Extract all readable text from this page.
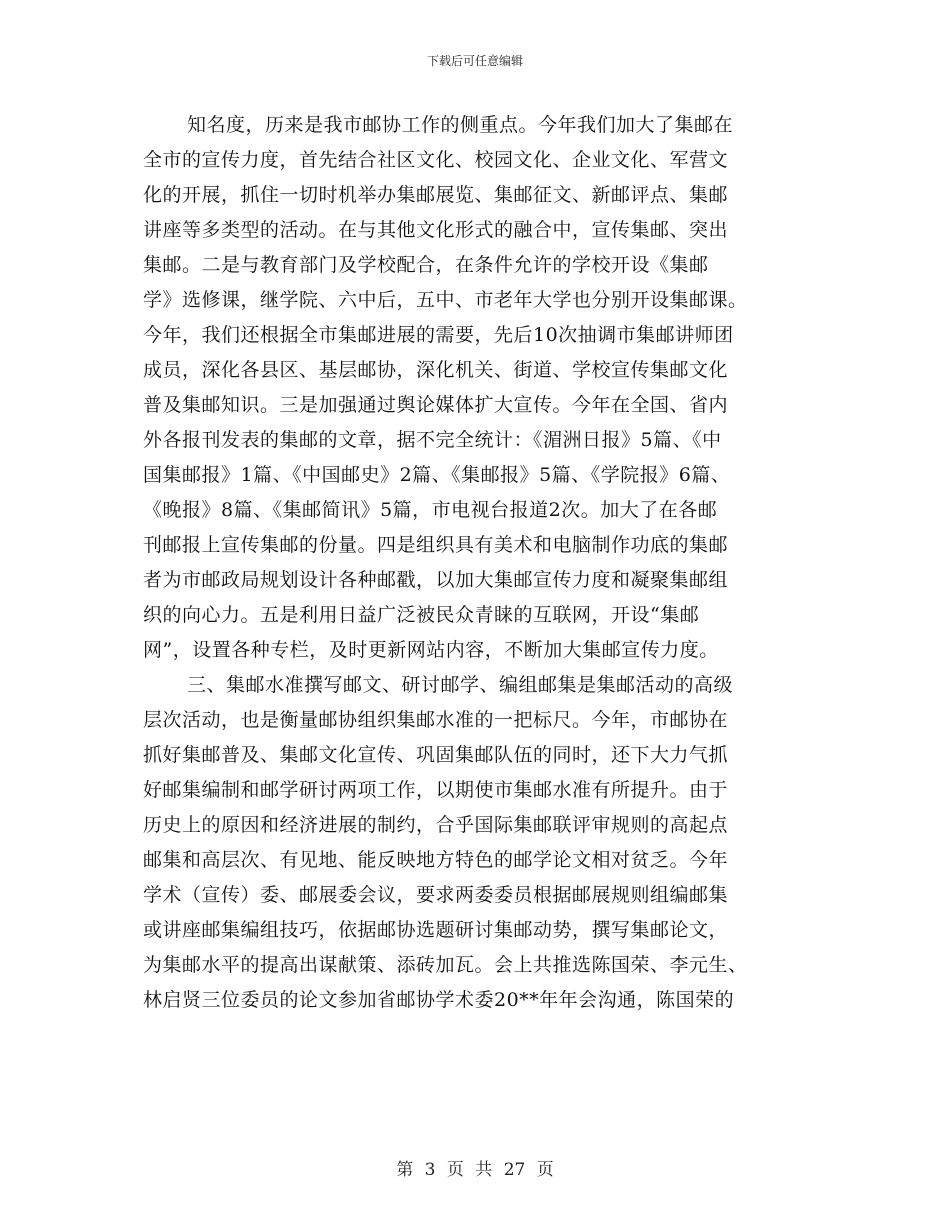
下载后可任意编辑
知名度，历来是我市邮协工作的侧重点。今年我们加大了集邮在
全市的宣传力度，首先结合社区文化、校园文化、企业文化、军营文
化的开展，抓住一切时机举办集邮展览、集邮征文、新邮评点、集邮
讲座等多类型的活动。在与其他文化形式的融合中，宣传集邮、突出
集邮。二是与教育部门及学校配合，在条件允许的学校开设《集邮
学》选修课，继学院、六中后，五中、市老年大学也分别开设集邮课。
今年，我们还根据全市集邮进展的需要，先后10次抽调市集邮讲师团
成员，深化各县区、基层邮协，深化机关、街道、学校宣传集邮文化
普及集邮知识。三是加强通过舆论媒体扩大宣传。今年在全国、省内
外各报刊发表的集邮的文章，据不完全统计：《湄洲日报》5篇、《中
国集邮报》1篇、《中国邮史》2篇、《集邮报》5篇、《学院报》6篇、
《晚报》8篇、《集邮简讯》5篇，市电视台报道2次。加大了在各邮
刊邮报上宣传集邮的份量。四是组织具有美术和电脑制作功底的集邮
者为市邮政局规划设计各种邮戳，以加大集邮宣传力度和凝聚集邮组
织的向心力。五是利用日益广泛被民众青睐的互联网，开设“集邮
网”，设置各种专栏，及时更新网站内容，不断加大集邮宣传力度。
三、集邮水准撰写邮文、研讨邮学、编组邮集是集邮活动的高级
层次活动，也是衡量邮协组织集邮水准的一把标尺。今年，市邮协在
抓好集邮普及、集邮文化宣传、巩固集邮队伍的同时，还下大力气抓
好邮集编制和邮学研讨两项工作，以期使市集邮水准有所提升。由于
历史上的原因和经济进展的制约，合乎国际集邮联评审规则的高起点
邮集和高层次、有见地、能反映地方特色的邮学论文相对贫乏。今年
学术（宣传）委、邮展委会议，要求两委委员根据邮展规则组编邮集
或讲座邮集编组技巧，依据邮协选题研讨集邮动势，撰写集邮论文，
为集邮水平的提高出谋献策、添砖加瓦。会上共推选陈国荣、李元生、
林启贤三位委员的论文参加省邮协学术委20**年年会沟通，陈国荣的
第 3 页 共 27 页
